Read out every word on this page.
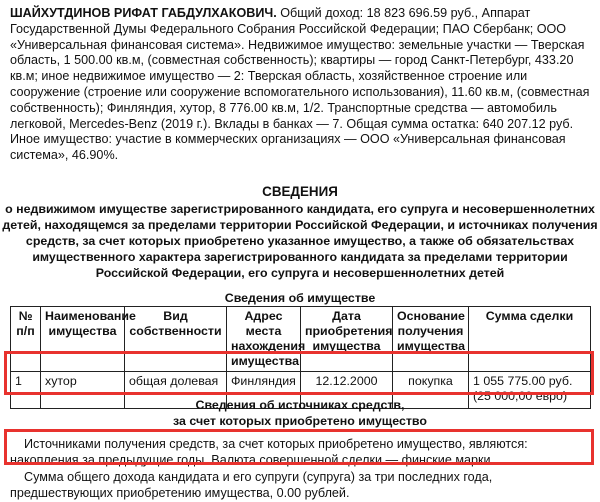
ШАЙХУТДИНОВ РИФАТ ГАБДУЛХАКОВИЧ. Общий доход: 18 823 696.59 руб., Аппарат Государственной Думы Федерального Собрания Российской Федерации; ПАО Сбербанк; ООО «Универсальная финансовая система». Недвижимое имущество: земельные участки — Тверская область, 1 500.00 кв.м, (совместная собственность); квартиры — город Санкт-Петербург, 433.20 кв.м; иное недвижимое имущество — 2: Тверская область, хозяйственное строение или сооружение (строение или сооружение вспомогательного использования), 11.60 кв.м, (совместная собственность); Финляндия, хутор, 8 776.00 кв.м, 1/2. Транспортные средства — автомобиль легковой, Mercedes-Benz (2019 г.). Вклады в банках — 7. Общая сумма остатка: 640 207.12 руб. Иное имущество: участие в коммерческих организациях — ООО «Универсальная финансовая система», 46.90%.
СВЕДЕНИЯ
о недвижимом имуществе зарегистрированного кандидата, его супруга и несовершеннолетних детей, находящемся за пределами территории Российской Федерации, и источниках получения средств, за счет которых приобретено указанное имущество, а также об обязательствах имущественного характера зарегистрированного кандидата за пределами территории Российской Федерации, его супруга и несовершеннолетних детей
Сведения об имуществе
№ п/п	Наименование имущества	Вид собственности	Адрес места нахождения имущества	Дата приобретения имущества	Основание получения имущества	Сумма сделки
1	хутор	общая долевая	Финляндия	12.12.2000	покупка	1 055 775.00 руб.
(25 000,00 евро)
Сведения об источниках средств,
за счет которых приобретено имущество
Источниками получения средств, за счет которых приобретено имущество, являются: накопления за предыдущие годы. Валюта совершенной сделки — финские марки.
Сумма общего дохода кандидата и его супруги (супруга) за три последних года, предшествующих приобретению имущества, 0.00 рублей.
